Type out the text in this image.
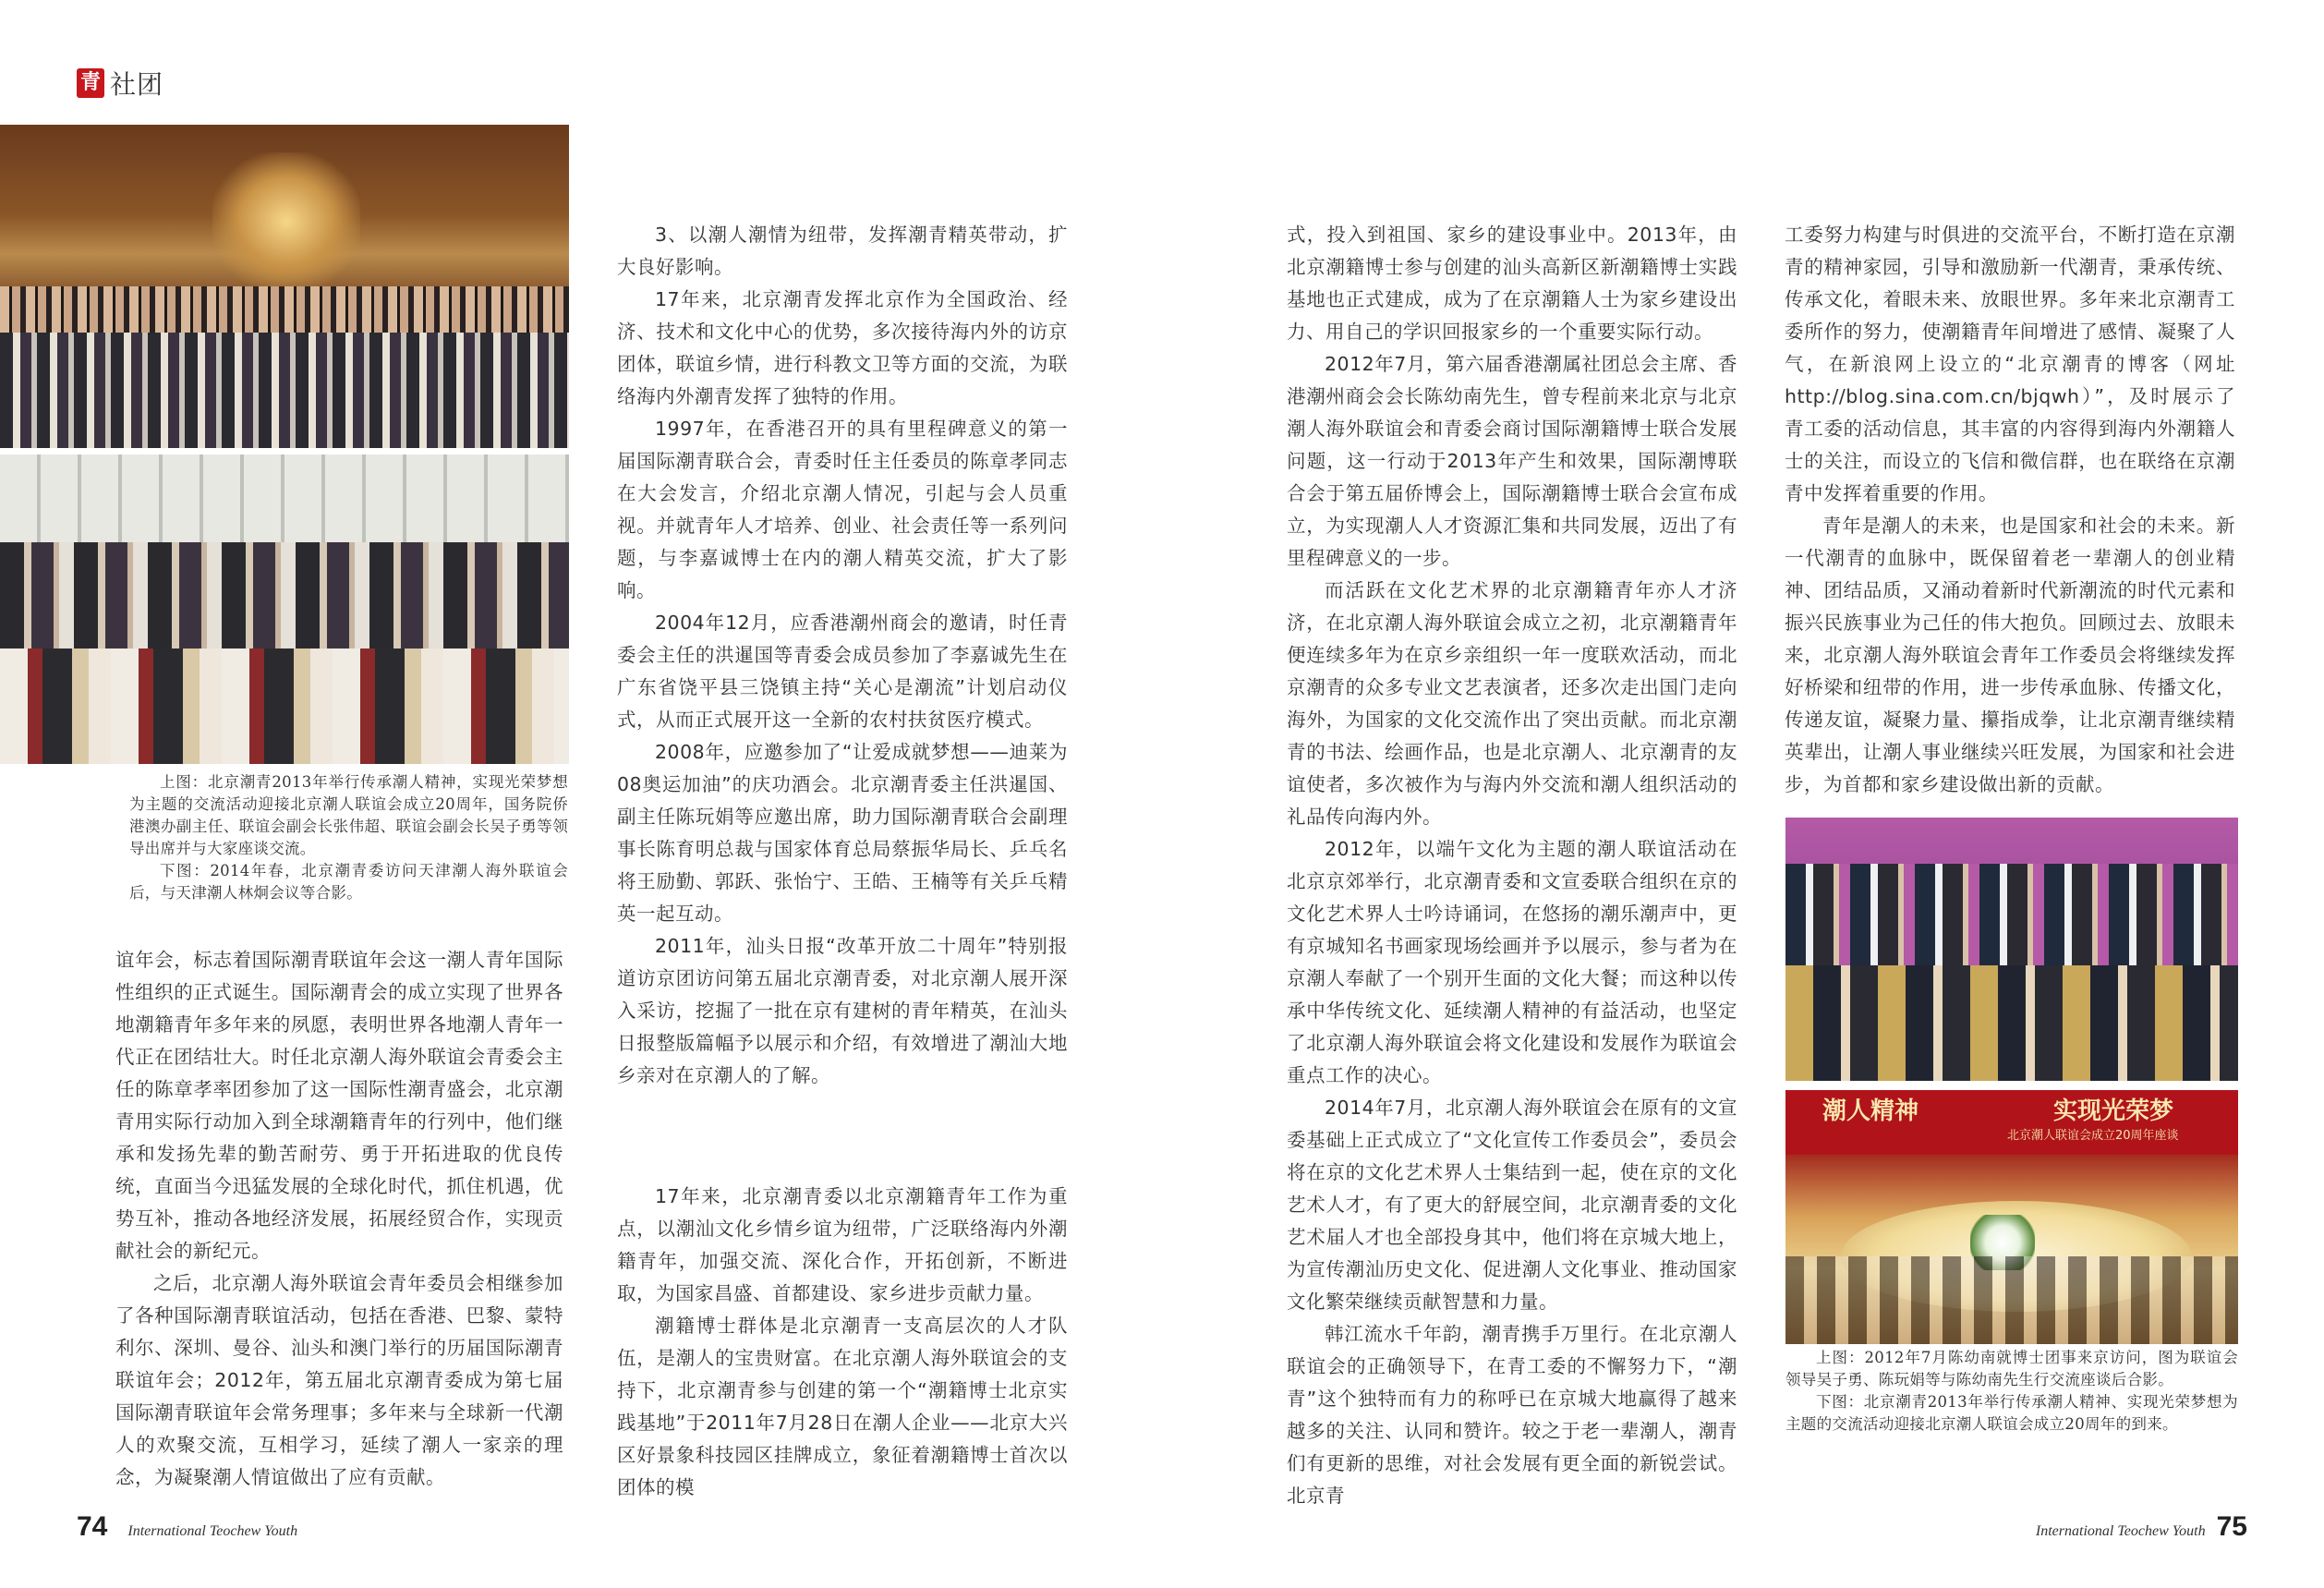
青 社团

上图：北京潮青2013年举行传承潮人精神，实现光荣梦想为主题的交流活动迎接北京潮人联谊会成立20周年，国务院侨港澳办副主任、联谊会副会长张伟超、联谊会副会长吴子勇等领导出席并与大家座谈交流。

下图：2014年春，北京潮青委访问天津潮人海外联谊会后，与天津潮人林炯会议等合影。

谊年会，标志着国际潮青联谊年会这一潮人青年国际性组织的正式诞生。国际潮青会的成立实现了世界各地潮籍青年多年来的夙愿，表明世界各地潮人青年一代正在团结壮大。时任北京潮人海外联谊会青委会主任的陈章孝率团参加了这一国际性潮青盛会，北京潮青用实际行动加入到全球潮籍青年的行列中，他们继承和发扬先辈的勤苦耐劳、勇于开拓进取的优良传统，直面当今迅猛发展的全球化时代，抓住机遇，优势互补，推动各地经济发展，拓展经贸合作，实现贡献社会的新纪元。

之后，北京潮人海外联谊会青年委员会相继参加了各种国际潮青联谊活动，包括在香港、巴黎、蒙特利尔、深圳、曼谷、汕头和澳门举行的历届国际潮青联谊年会；2012年，第五届北京潮青委成为第七届国际潮青联谊年会常务理事；多年来与全球新一代潮人的欢聚交流，互相学习，延续了潮人一家亲的理念，为凝聚潮人情谊做出了应有贡献。

3、以潮人潮情为纽带，发挥潮青精英带动，扩大良好影响。

17年来，北京潮青发挥北京作为全国政治、经济、技术和文化中心的优势，多次接待海内外的访京团体，联谊乡情，进行科教文卫等方面的交流，为联络海内外潮青发挥了独特的作用。

1997年，在香港召开的具有里程碑意义的第一届国际潮青联合会，青委时任主任委员的陈章孝同志在大会发言，介绍北京潮人情况，引起与会人员重视。并就青年人才培养、创业、社会责任等一系列问题，与李嘉诚博士在内的潮人精英交流，扩大了影响。

2004年12月，应香港潮州商会的邀请，时任青委会主任的洪暹国等青委会成员参加了李嘉诚先生在广东省饶平县三饶镇主持“关心是潮流”计划启动仪式，从而正式展开这一全新的农村扶贫医疗模式。

2008年，应邀参加了“让爱成就梦想——迪莱为08奥运加油”的庆功酒会。北京潮青委主任洪暹国、副主任陈玩娟等应邀出席，助力国际潮青联合会副理事长陈育明总裁与国家体育总局蔡振华局长、乒乓名将王励勤、郭跃、张怡宁、王皓、王楠等有关乒乓精英一起互动。

2011年，汕头日报“改革开放二十周年”特别报道访京团访问第五届北京潮青委，对北京潮人展开深入采访，挖掘了一批在京有建树的青年精英，在汕头日报整版篇幅予以展示和介绍，有效增进了潮汕大地乡亲对在京潮人的了解。

17年来，北京潮青委以北京潮籍青年工作为重点，以潮汕文化乡情乡谊为纽带，广泛联络海内外潮籍青年，加强交流、深化合作，开拓创新，不断进取，为国家昌盛、首都建设、家乡进步贡献力量。

潮籍博士群体是北京潮青一支高层次的人才队伍，是潮人的宝贵财富。在北京潮人海外联谊会的支持下，北京潮青参与创建的第一个“潮籍博士北京实践基地”于2011年7月28日在潮人企业——北京大兴区好景象科技园区挂牌成立，象征着潮籍博士首次以团体的模

式，投入到祖国、家乡的建设事业中。2013年，由北京潮籍博士参与创建的汕头高新区新潮籍博士实践基地也正式建成，成为了在京潮籍人士为家乡建设出力、用自己的学识回报家乡的一个重要实际行动。

2012年7月，第六届香港潮属社团总会主席、香港潮州商会会长陈幼南先生，曾专程前来北京与北京潮人海外联谊会和青委会商讨国际潮籍博士联合发展问题，这一行动于2013年产生和效果，国际潮博联合会于第五届侨博会上，国际潮籍博士联合会宣布成立，为实现潮人人才资源汇集和共同发展，迈出了有里程碑意义的一步。

而活跃在文化艺术界的北京潮籍青年亦人才济济，在北京潮人海外联谊会成立之初，北京潮籍青年便连续多年为在京乡亲组织一年一度联欢活动，而北京潮青的众多专业文艺表演者，还多次走出国门走向海外，为国家的文化交流作出了突出贡献。而北京潮青的书法、绘画作品，也是北京潮人、北京潮青的友谊使者，多次被作为与海内外交流和潮人组织活动的礼品传向海内外。

2012年，以端午文化为主题的潮人联谊活动在北京京郊举行，北京潮青委和文宣委联合组织在京的文化艺术界人士吟诗诵词，在悠扬的潮乐潮声中，更有京城知名书画家现场绘画并予以展示，参与者为在京潮人奉献了一个别开生面的文化大餐；而这种以传承中华传统文化、延续潮人精神的有益活动，也坚定了北京潮人海外联谊会将文化建设和发展作为联谊会重点工作的决心。

2014年7月，北京潮人海外联谊会在原有的文宣委基础上正式成立了“文化宣传工作委员会”，委员会将在京的文化艺术界人士集结到一起，使在京的文化艺术人才，有了更大的舒展空间，北京潮青委的文化艺术届人才也全部投身其中，他们将在京城大地上，为宣传潮汕历史文化、促进潮人文化事业、推动国家文化繁荣继续贡献智慧和力量。

韩江流水千年韵，潮青携手万里行。在北京潮人联谊会的正确领导下，在青工委的不懈努力下，“潮青”这个独特而有力的称呼已在京城大地赢得了越来越多的关注、认同和赞许。较之于老一辈潮人，潮青们有更新的思维，对社会发展有更全面的新锐尝试。北京青

工委努力构建与时俱进的交流平台，不断打造在京潮青的精神家园，引导和激励新一代潮青，秉承传统、传承文化，着眼未来、放眼世界。多年来北京潮青工委所作的努力，使潮籍青年间增进了感情、凝聚了人气，在新浪网上设立的“北京潮青的博客（网址http://blog.sina.com.cn/bjqwh）”，及时展示了青工委的活动信息，其丰富的内容得到海内外潮籍人士的关注，而设立的飞信和微信群，也在联络在京潮青中发挥着重要的作用。

青年是潮人的未来，也是国家和社会的未来。新一代潮青的血脉中，既保留着老一辈潮人的创业精神、团结品质，又涌动着新时代新潮流的时代元素和振兴民族事业为己任的伟大抱负。回顾过去、放眼未来，北京潮人海外联谊会青年工作委员会将继续发挥好桥梁和纽带的作用，进一步传承血脉、传播文化，传递友谊，凝聚力量、攥指成拳，让北京潮青继续精英辈出，让潮人事业继续兴旺发展，为国家和社会进步，为首都和家乡建设做出新的贡献。

潮人精神	实现光荣梦
北京潮人联谊会成立20周年座谈

上图：2012年7月陈幼南就博士团事来京访问，图为联谊会领导吴子勇、陈玩娟等与陈幼南先生行交流座谈后合影。

下图：北京潮青2013年举行传承潮人精神、实现光荣梦想为主题的交流活动迎接北京潮人联谊会成立20周年的到来。

74 International Teochew Youth	International Teochew Youth 75
